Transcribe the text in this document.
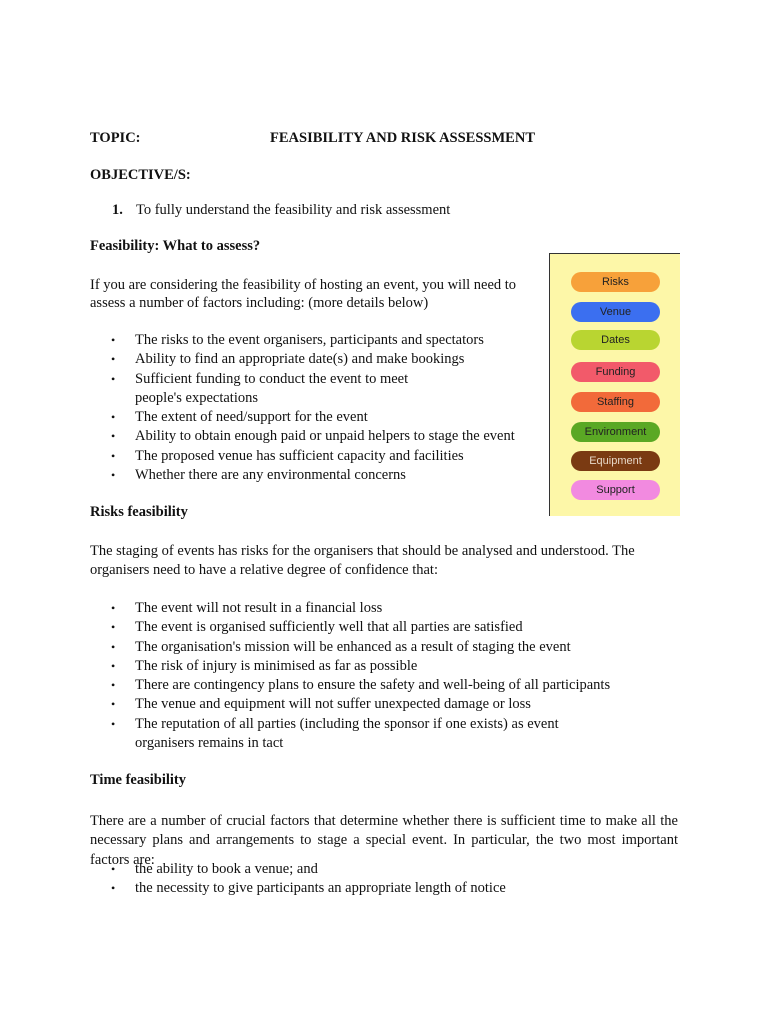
TOPIC:	FEASIBILITY AND RISK ASSESSMENT
OBJECTIVE/S:
1. To fully understand the feasibility and risk assessment
Feasibility: What to assess?
If you are considering the feasibility of hosting an event, you will need to
assess a number of factors including: (more details below)
• The risks to the event organisers, participants and spectators
• Ability to find an appropriate date(s) and make bookings
• Sufficient funding to conduct the event to meet
people's expectations
• The extent of need/support for the event
• Ability to obtain enough paid or unpaid helpers to stage the event
• The proposed venue has sufficient capacity and facilities
• Whether there are any environmental concerns
Risks
Venue
Dates
Funding
Staffing
Environment
Equipment
Support
Risks feasibility

The staging of events has risks for the organisers that should be analysed and understood. The organisers need to have a relative degree of confidence that:

• The event will not result in a financial loss
• The event is organised sufficiently well that all parties are satisfied
• The organisation's mission will be enhanced as a result of staging the event
• The risk of injury is minimised as far as possible
• There are contingency plans to ensure the safety and well-being of all participants
• The venue and equipment will not suffer unexpected damage or loss
• The reputation of all parties (including the sponsor if one exists) as event
organisers remains in tact
Time feasibility

There are a number of crucial factors that determine whether there is sufficient time to make all the necessary plans and arrangements to stage a special event. In particular, the two most important factors are:

• the ability to book a venue; and
• the necessity to give participants an appropriate length of notice
